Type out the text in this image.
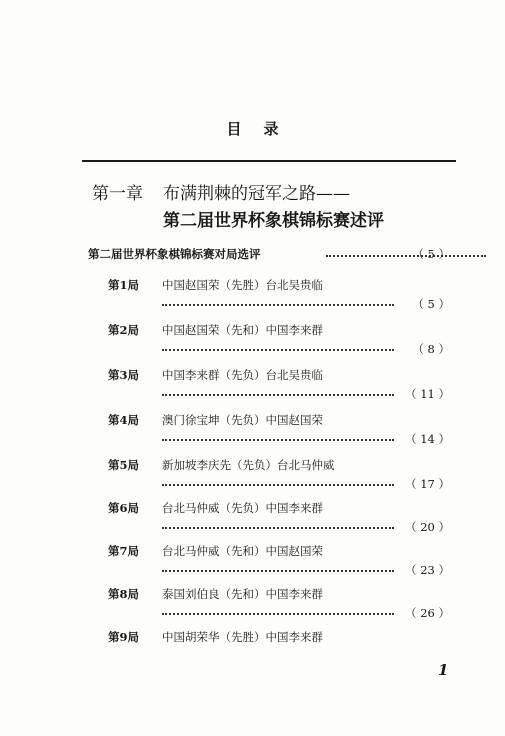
目录
第一章 布满荆棘的冠军之路——
第二届世界杯象棋锦标赛述评
第二届世界杯象棋锦标赛对局选评	（ 5 ）
第1局 中国赵国荣（先胜）台北吴贵临
（ 5 ）
第2局 中国赵国荣（先和）中国李来群
（ 8 ）
第3局 中国李来群（先负）台北吴贵临
（ 11 ）
第4局 澳门徐宝坤（先负）中国赵国荣
（ 14 ）
第5局 新加坡李庆先（先负）台北马仲威
（ 17 ）
第6局 台北马仲威（先负）中国李来群
（ 20 ）
第7局 台北马仲威（先和）中国赵国荣
（ 23 ）
第8局 泰国刘伯良（先和）中国李来群
（ 26 ）
第9局 中国胡荣华（先胜）中国李来群
1
